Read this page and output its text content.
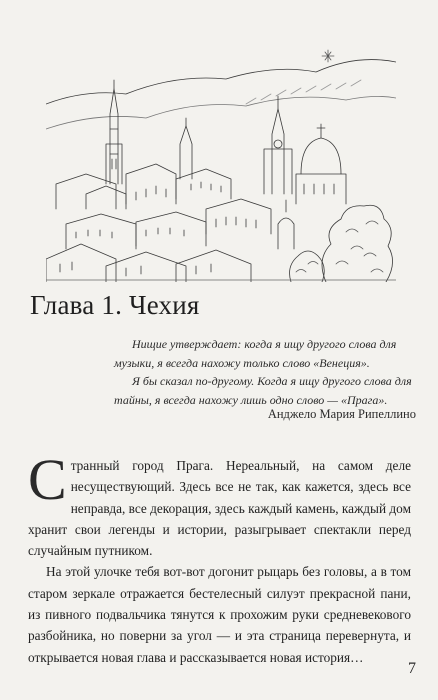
Глава 1. Чехия

Нищие утверждает: когда я ищу другого слова для музыки, я всегда нахожу только слово «Венеция».

Я бы сказал по-другому. Когда я ищу другого слова для тайны, я всегда нахожу лишь одно слово — «Прага».

Анджело Мария Рипеллино

Странный город Прага. Нереальный, на самом деле несуществующий. Здесь все не так, как кажется, здесь все неправда, все декорация, здесь каждый камень, каждый дом хранит свои легенды и истории, разыгрывает спектакли перед случайным путником.

На этой улочке тебя вот-вот догонит рыцарь без головы, а в том старом зеркале отражается бестелесный силуэт прекрасной пани, из пивного подвальчика тянутся к прохожим руки средневекового разбойника, но поверни за угол — и эта страница перевернута, и открывается новая глава и рассказывается новая история…

7
